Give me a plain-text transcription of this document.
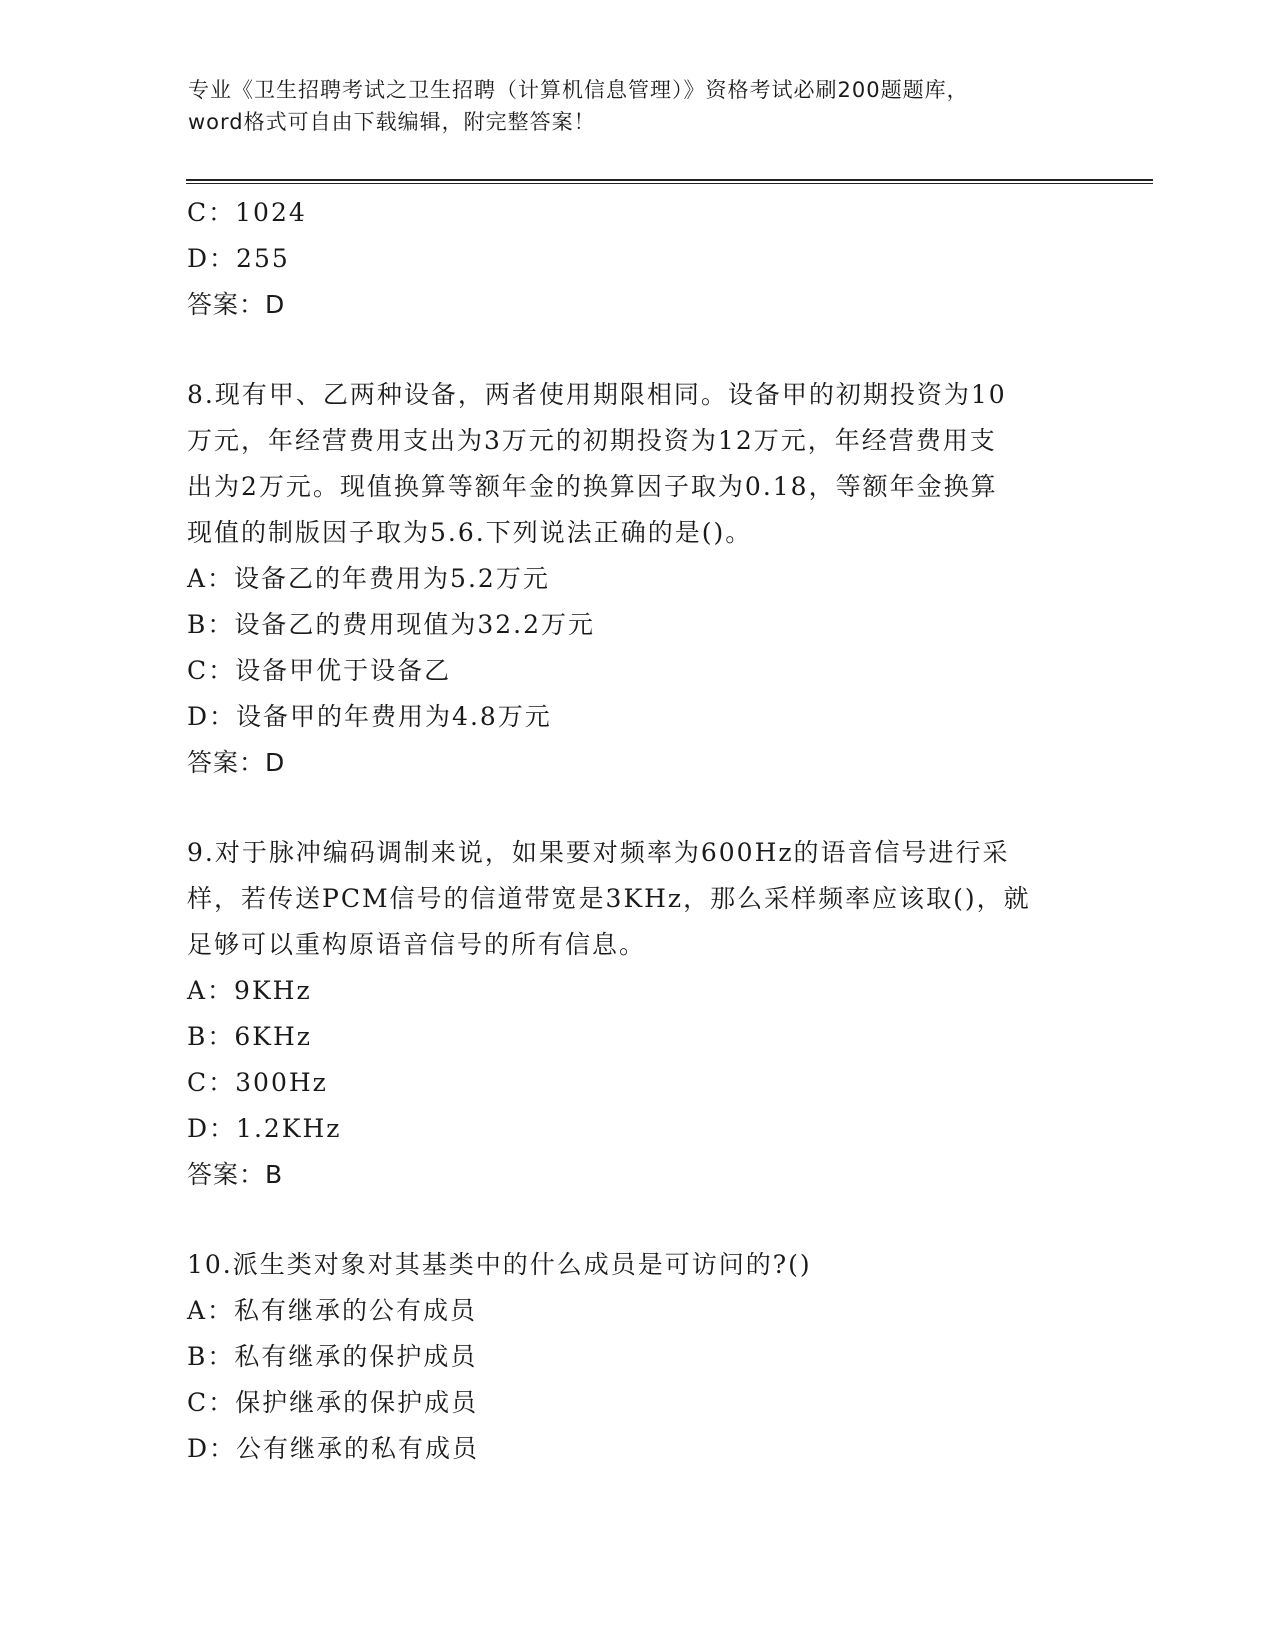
专业《卫生招聘考试之卫生招聘（计算机信息管理）》资格考试必刷200题题库，
word格式可自由下载编辑，附完整答案！
C：1024
D：255
答案：D
8.现有甲、乙两种设备，两者使用期限相同。设备甲的初期投资为10
万元，年经营费用支出为3万元的初期投资为12万元，年经营费用支
出为2万元。现值换算等额年金的换算因子取为0.18，等额年金换算
现值的制版因子取为5.6.下列说法正确的是()。
A：设备乙的年费用为5.2万元
B：设备乙的费用现值为32.2万元
C：设备甲优于设备乙
D：设备甲的年费用为4.8万元
答案：D
9.对于脉冲编码调制来说，如果要对频率为600Hz的语音信号进行采
样，若传送PCM信号的信道带宽是3KHz，那么采样频率应该取()，就
足够可以重构原语音信号的所有信息。
A：9KHz
B：6KHz
C：300Hz
D：1.2KHz
答案：B
10.派生类对象对其基类中的什么成员是可访问的?()
A：私有继承的公有成员
B：私有继承的保护成员
C：保护继承的保护成员
D：公有继承的私有成员
